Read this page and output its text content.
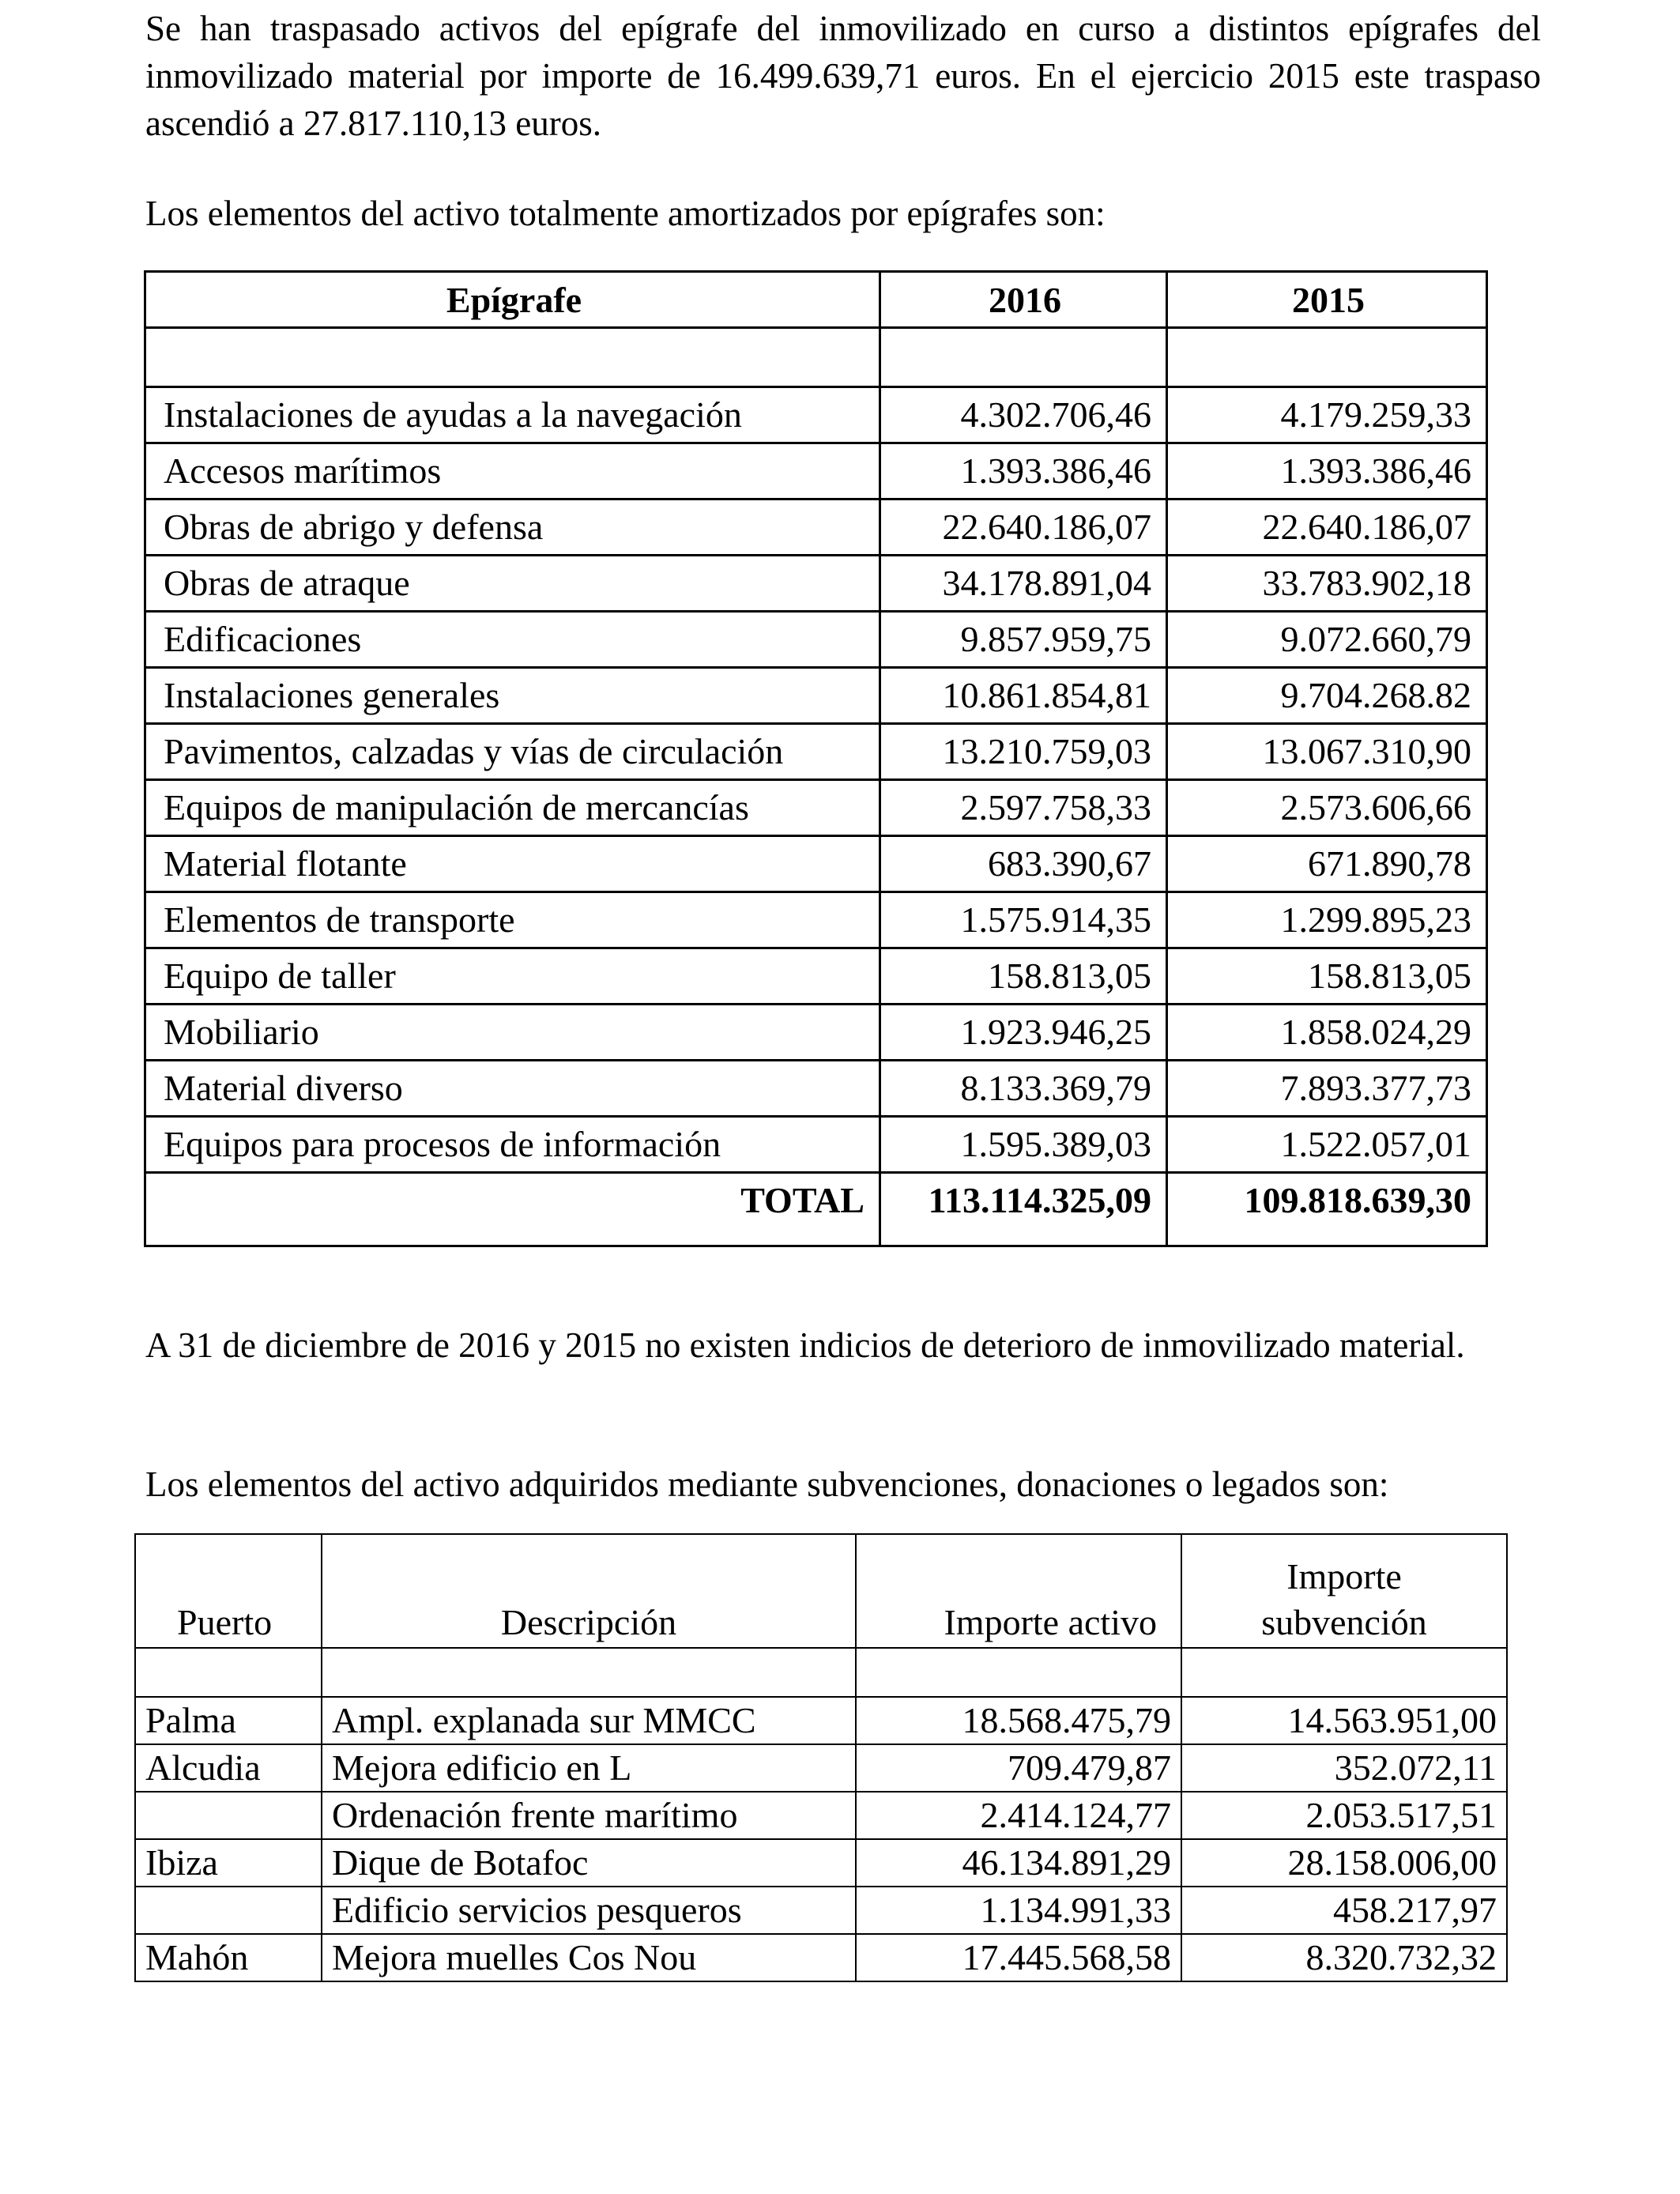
Se han traspasado activos del epígrafe del inmovilizado en curso a distintos epígrafes del inmovilizado material por importe de 16.499.639,71 euros. En el ejercicio 2015 este traspaso ascendió a 27.817.110,13 euros.

Los elementos del activo totalmente amortizados por epígrafes son:

Epígrafe	2016	2015

Instalaciones de ayudas a la navegación	4.302.706,46	4.179.259,33
Accesos marítimos	1.393.386,46	1.393.386,46
Obras de abrigo y defensa	22.640.186,07	22.640.186,07
Obras de atraque	34.178.891,04	33.783.902,18
Edificaciones	9.857.959,75	9.072.660,79
Instalaciones generales	10.861.854,81	9.704.268.82
Pavimentos, calzadas y vías de circulación	13.210.759,03	13.067.310,90
Equipos de manipulación de mercancías	2.597.758,33	2.573.606,66
Material flotante	683.390,67	671.890,78
Elementos de transporte	1.575.914,35	1.299.895,23
Equipo de taller	158.813,05	158.813,05
Mobiliario	1.923.946,25	1.858.024,29
Material diverso	8.133.369,79	7.893.377,73
Equipos para procesos de información	1.595.389,03	1.522.057,01
TOTAL	113.114.325,09	109.818.639,30

A 31 de diciembre de 2016 y 2015 no existen indicios de deterioro de inmovilizado material.

Los elementos del activo adquiridos mediante subvenciones, donaciones o legados son:

Puerto	Descripción	Importe activo	Importe
subvención

Palma	Ampl. explanada sur MMCC	18.568.475,79	14.563.951,00
Alcudia	Mejora edificio en L	709.479,87	352.072,11
	Ordenación frente marítimo	2.414.124,77	2.053.517,51
Ibiza	Dique de Botafoc	46.134.891,29	28.158.006,00
	Edificio servicios pesqueros	1.134.991,33	458.217,97
Mahón	Mejora muelles Cos Nou	17.445.568,58	8.320.732,32
